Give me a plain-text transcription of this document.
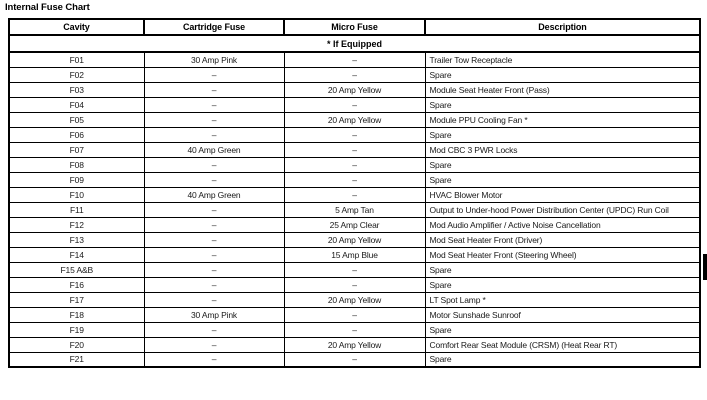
Internal Fuse Chart
Cavity	Cartridge Fuse	Micro Fuse	Description
* If Equipped			
F01	30 Amp Pink	–	Trailer Tow Receptacle
F02	–	–	Spare
F03	–	20 Amp Yellow	Module Seat Heater Front (Pass)
F04	–	–	Spare
F05	–	20 Amp Yellow	Module PPU Cooling Fan *
F06	–	–	Spare
F07	40 Amp Green	–	Mod CBC 3 PWR Locks
F08	–	–	Spare
F09	–	–	Spare
F10	40 Amp Green	–	HVAC Blower Motor
F11	–	5 Amp Tan	Output to Under-hood Power Distribution Center (UPDC) Run Coil
F12	–	25 Amp Clear	Mod Audio Amplifier / Active Noise Cancellation
F13	–	20 Amp Yellow	Mod Seat Heater Front (Driver)
F14	–	15 Amp Blue	Mod Seat Heater Front (Steering Wheel)
F15 A&B	–	–	Spare
F16	–	–	Spare
F17	–	20 Amp Yellow	LT Spot Lamp *
F18	30 Amp Pink	–	Motor Sunshade Sunroof
F19	–	–	Spare
F20	–	20 Amp Yellow	Comfort Rear Seat Module (CRSM) (Heat Rear RT)
F21	–	–	Spare
